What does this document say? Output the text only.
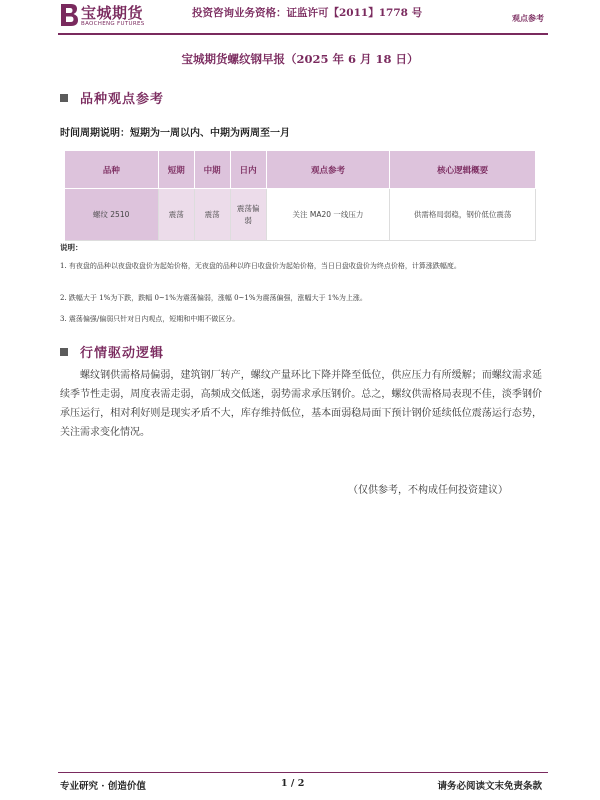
宝城期货
BAOCHENG FUTURES
投资咨询业务资格：证监许可【2011】1778 号	观点参考
宝城期货螺纹钢早报（2025 年 6 月 18 日）
品种观点参考
时间周期说明：短期为一周以内、中期为两周至一月
品种	短期	中期	日内	观点参考	核心逻辑概要
螺纹 2510	震荡	震荡	震荡偏弱	关注 MA20 一线压力	供需格局弱稳，钢价低位震荡
说明：
1. 有夜盘的品种以夜盘收盘价为起始价格，无夜盘的品种以昨日收盘价为起始价格，当日日盘收盘价为终点价格，计算涨跌幅度。
2. 跌幅大于 1%为下跌，跌幅 0~1%为震荡偏弱，涨幅 0~1%为震荡偏强，涨幅大于 1%为上涨。
3. 震荡偏强/偏弱只针对日内观点，短期和中期不做区分。
行情驱动逻辑
螺纹钢供需格局偏弱，建筑钢厂转产，螺纹产量环比下降并降至低位，供应压力有所缓解；而螺纹需求延续季节性走弱，周度表需走弱，高频成交低迷，弱势需求承压钢价。总之，螺纹供需格局表现不佳，淡季钢价承压运行，相对利好则是现实矛盾不大，库存维持低位，基本面弱稳局面下预计钢价延续低位震荡运行态势，关注需求变化情况。
（仅供参考，不构成任何投资建议）
专业研究 · 创造价值	1 / 2	请务必阅读文末免责条款
